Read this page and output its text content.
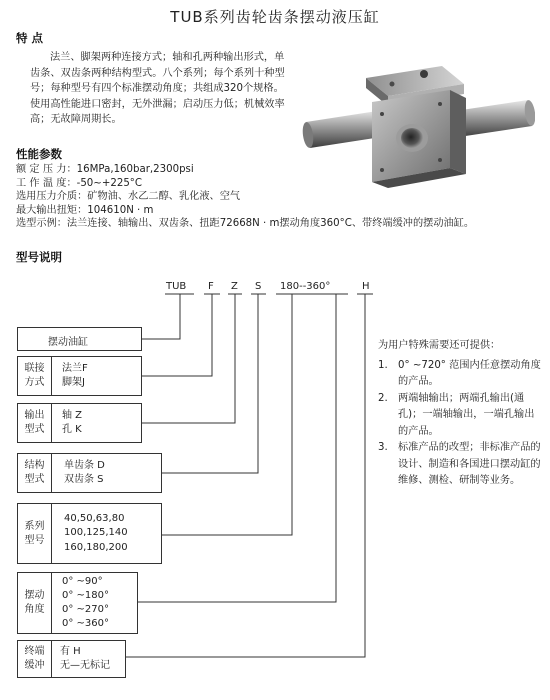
TUB系列齿轮齿条摆动液压缸
特 点
法兰、脚架两种连接方式；轴和孔两种输出形式，单齿条、双齿条两种结构型式。八个系列；每个系列十种型号；每种型号有四个标准摆动角度；共组成320个规格。使用高性能进口密封，无外泄漏；启动压力低；机械效率高；无故障周期长。
性能参数
额 定 压 力：16MPa,160bar,2300psi
工 作 温 度：-50~+225°C
选用压力介质：矿物油、水乙二醇、乳化液、空气
最大输出扭矩：104610N · m
选型示例：法兰连接、轴输出、双齿条、扭距72668N · m摆动角度360°C、带终端缓冲的摆动油缸。
型号说明
TUB F Z S 180--360°	H
摆动油缸
联接
方式
法兰F
脚架J
输出
型式
轴 Z
孔 K
结构
型式
单齿条 D
双齿条 S
系列
型号
40,50,63,80
100,125,140
160,180,200
摆动
角度
0° ~90°
0° ~180°
0° ~270°
0° ~360°
终端
缓冲
有 H
无—无标记
为用户特殊需要还可提供：
1.	0° ~720° 范围内任意摆动角度的产品。
2.	两端轴输出；两端孔输出(通孔)；一端轴输出，一端孔输出的产品。
3.	标准产品的改型；非标准产品的设计、制造和各国进口摆动缸的维修、测检、研制等业务。
